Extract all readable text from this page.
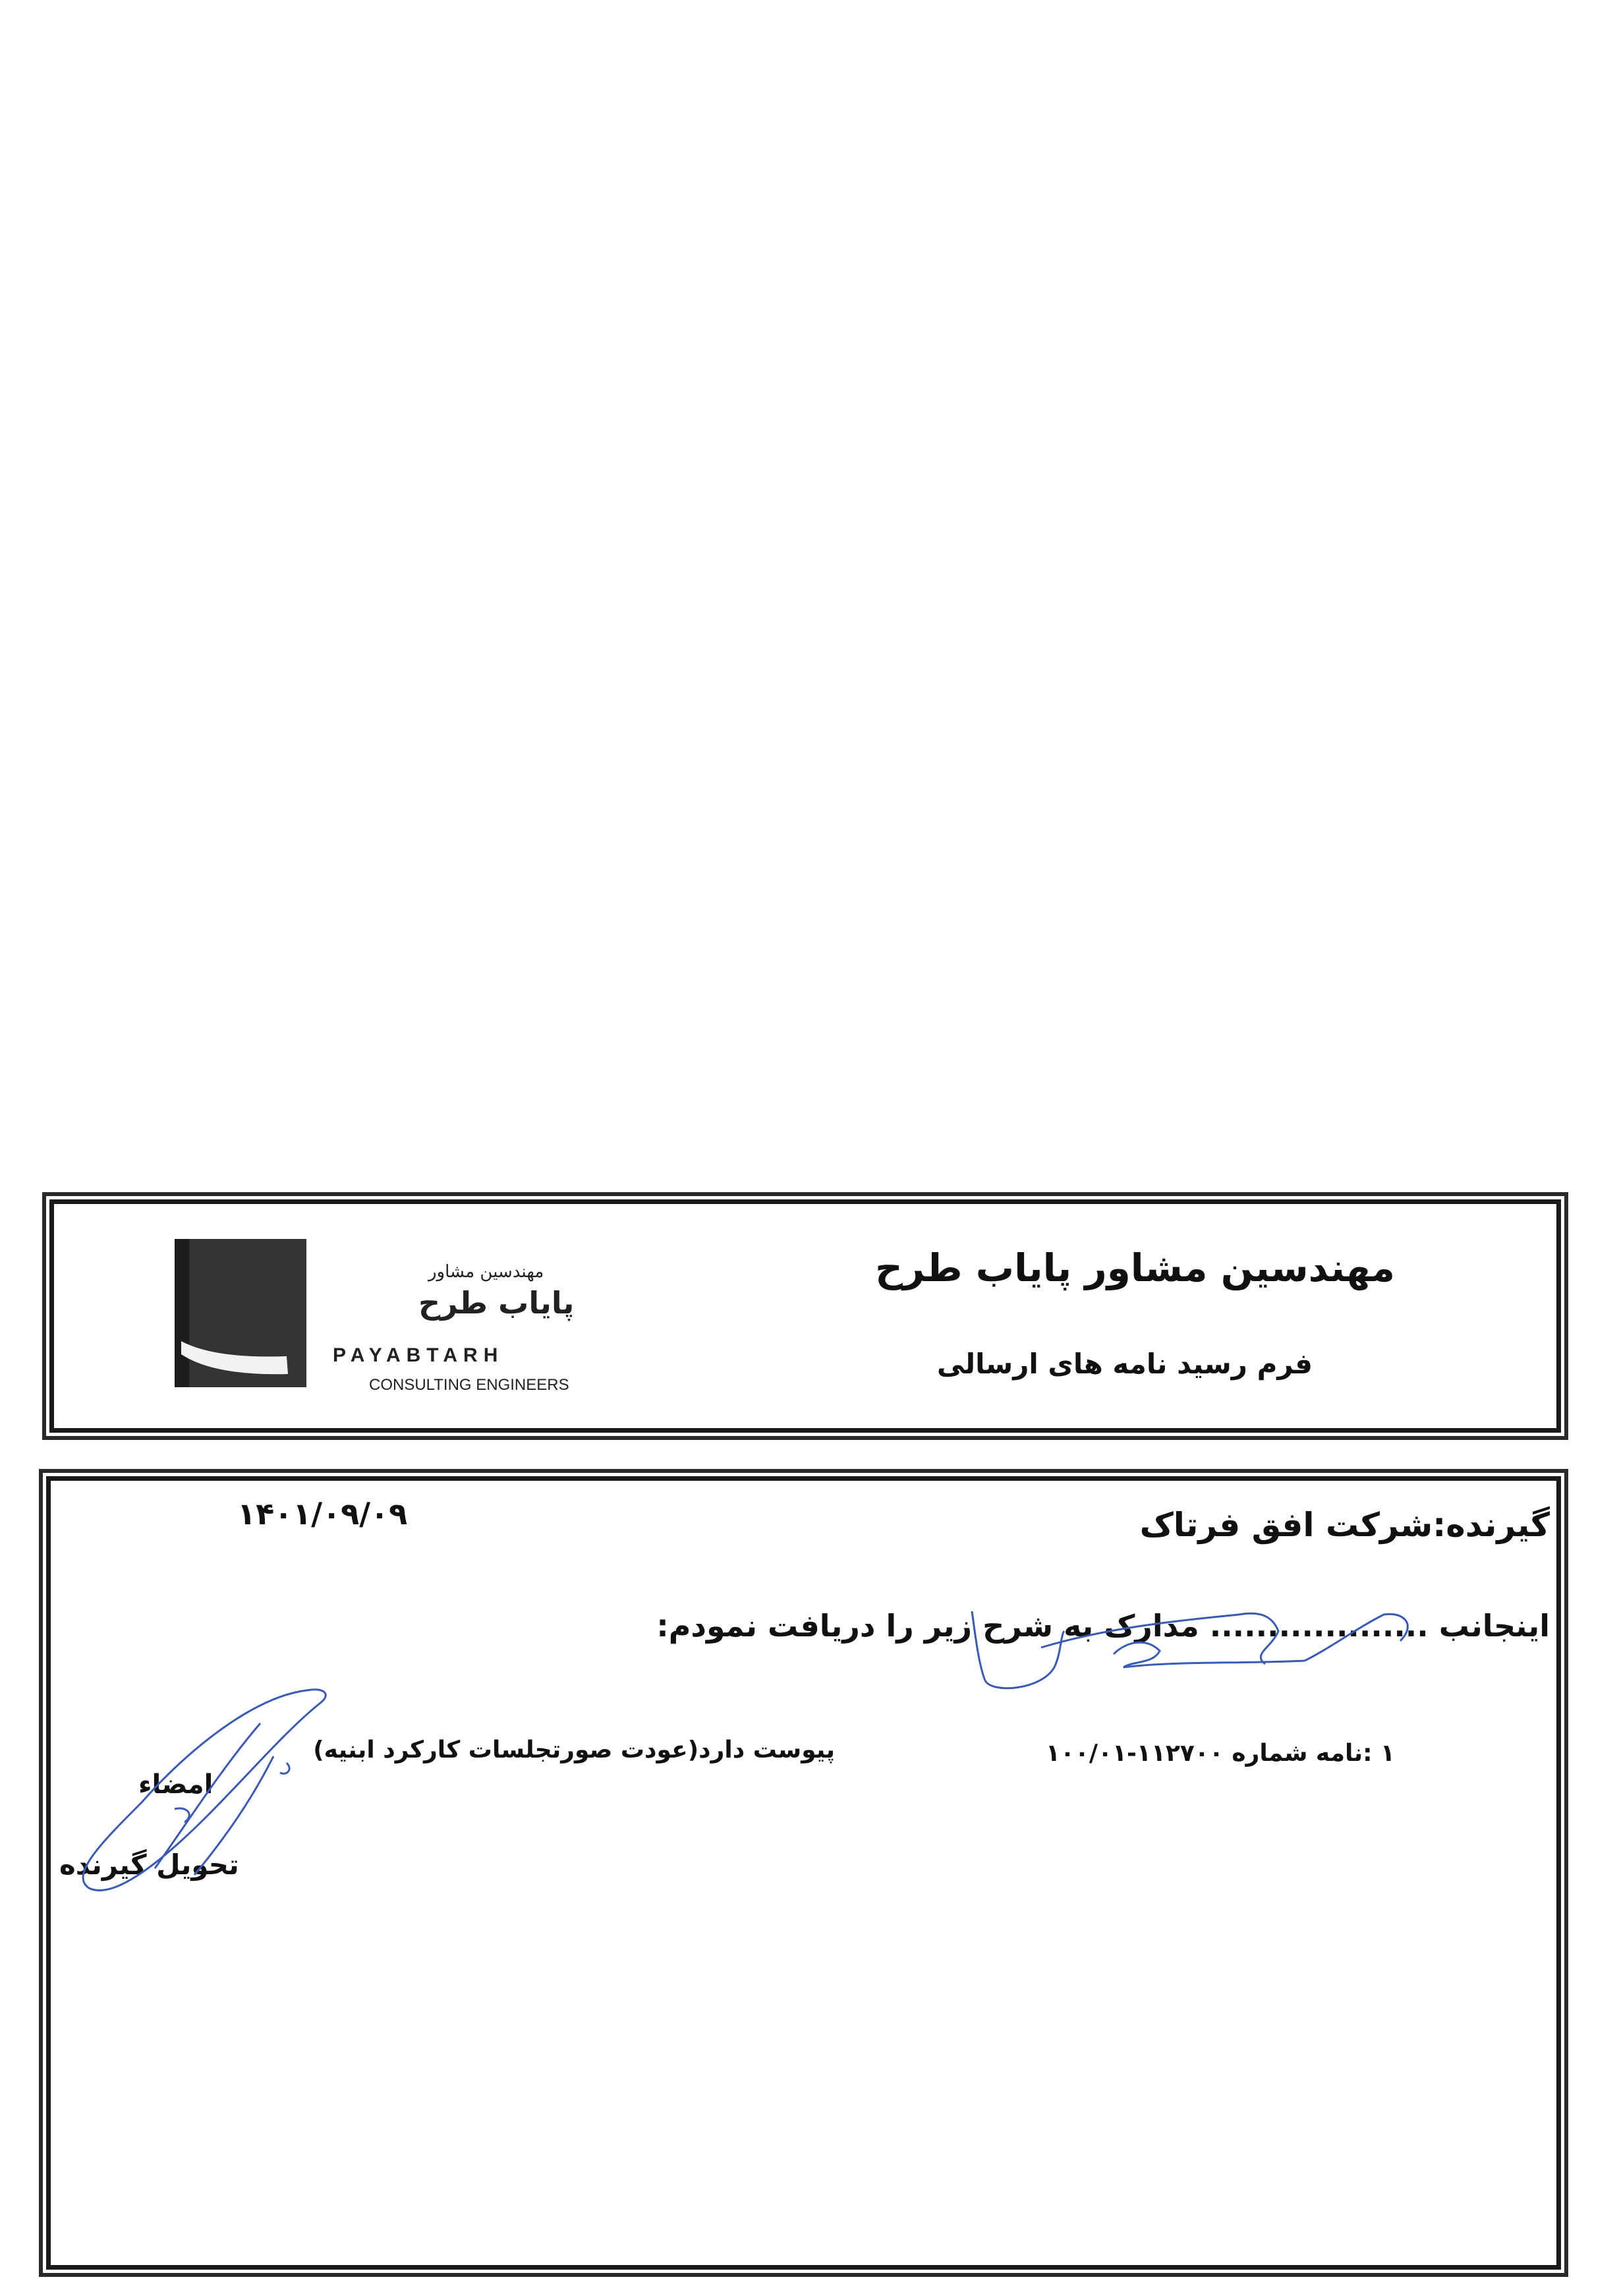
مهندسین مشاور
پایاب طرح
PAYABTARH
CONSULTING ENGINEERS
مهندسین مشاور پایاب طرح
فرم رسید نامه های ارسالی
۱۴۰۱/۰۹/۰۹	گیرنده:شرکت افق فرتاک
اینجانب ................... مدارک به شرح زیر را دریافت نمودم:
۱ :نامه شماره ۱۱۲۷۰۰-۱۰۰/۰۱
پیوست دارد(عودت صورتجلسات کارکرد ابنیه)
امضاء
تحویل گیرنده
